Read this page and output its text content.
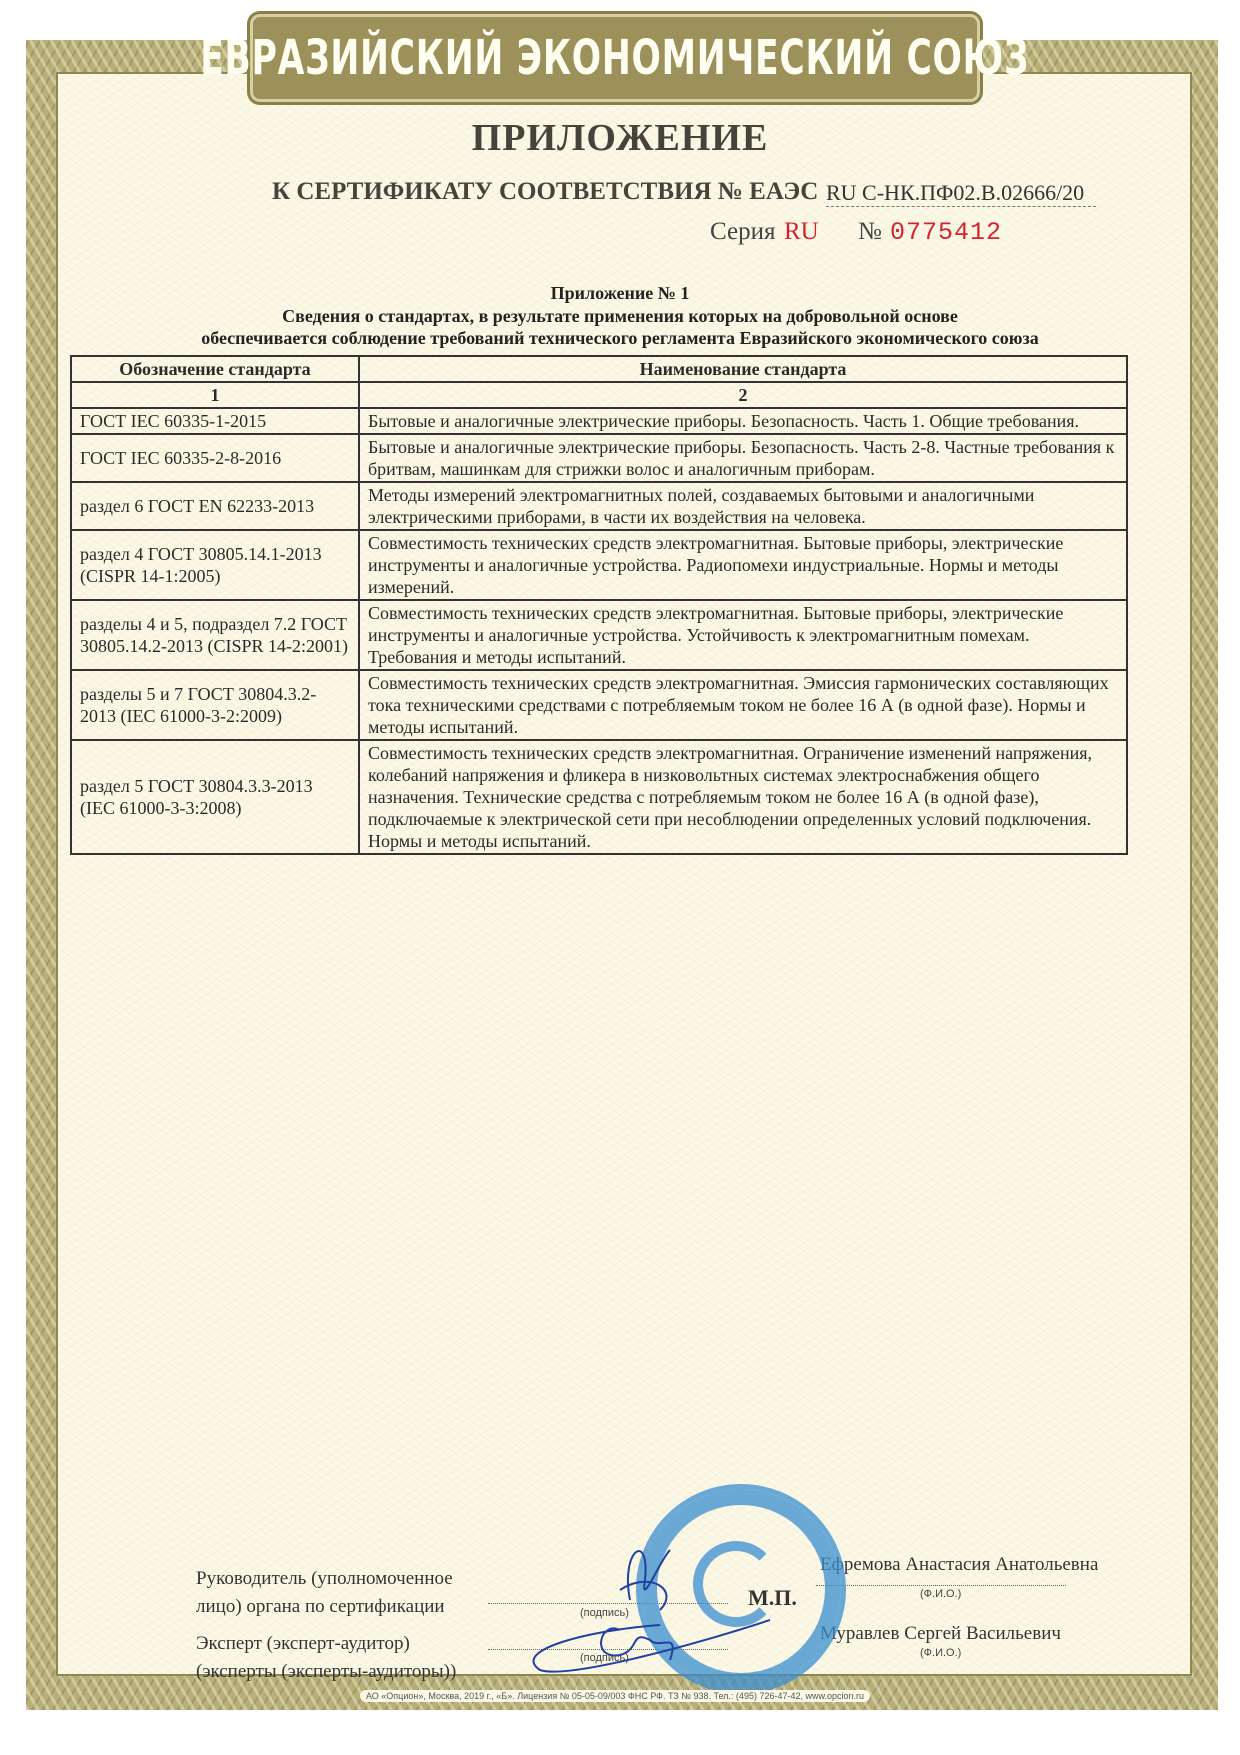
ЕВРАЗИЙСКИЙ ЭКОНОМИЧЕСКИЙ СОЮЗ
ПРИЛОЖЕНИЕ
К СЕРТИФИКАТУ СООТВЕТСТВИЯ № ЕАЭС RU С-НК.ПФ02.В.02666/20
Серия RU № 0775412
Приложение № 1
Сведения о стандартах, в результате применения которых на добровольной основе
обеспечивается соблюдение требований технического регламента Евразийского экономического союза
Обозначение стандарта	Наименование стандарта
1	2
ГОСТ IEC 60335-1-2015	Бытовые и аналогичные электрические приборы. Безопасность. Часть 1. Общие требования.
ГОСТ IEC 60335-2-8-2016	Бытовые и аналогичные электрические приборы. Безопасность. Часть 2-8. Частные требования к бритвам, машинкам для стрижки волос и аналогичным приборам.
раздел 6 ГОСТ EN 62233-2013	Методы измерений электромагнитных полей, создаваемых бытовыми и аналогичными электрическими приборами, в части их воздействия на человека.
раздел 4 ГОСТ 30805.14.1-2013 (CISPR 14-1:2005)	Совместимость технических средств электромагнитная. Бытовые приборы, электрические инструменты и аналогичные устройства. Радиопомехи индустриальные. Нормы и методы измерений.
разделы 4 и 5, подраздел 7.2 ГОСТ 30805.14.2-2013 (CISPR 14-2:2001)	Совместимость технических средств электромагнитная. Бытовые приборы, электрические инструменты и аналогичные устройства. Устойчивость к электромагнитным помехам. Требования и методы испытаний.
разделы 5 и 7 ГОСТ 30804.3.2-2013 (IEC 61000-3-2:2009)	Совместимость технических средств электромагнитная. Эмиссия гармонических составляющих тока техническими средствами с потребляемым током не более 16 А (в одной фазе). Нормы и методы испытаний.
раздел 5 ГОСТ 30804.3.3-2013 (IEC 61000-3-3:2008)	Совместимость технических средств электромагнитная. Ограничение изменений напряжения, колебаний напряжения и фликера в низковольтных системах электроснабжения общего назначения. Технические средства с потребляемым током не более 16 А (в одной фазе), подключаемые к электрической сети при несоблюдении определенных условий подключения. Нормы и методы испытаний.
Руководитель (уполномоченное
лицо) органа по сертификации
Эксперт (эксперт-аудитор)
(эксперты (эксперты-аудиторы))
(подпись)
(подпись)
(Ф.И.О.)
(Ф.И.О.)
Ефремова Анастасия Анатольевна
Муравлев Сергей Васильевич
М.П.
АО «Опцион», Москва, 2019 г., «Б». Лицензия № 05-05-09/003 ФНС РФ. ТЗ № 938. Тел.: (495) 726-47-42, www.opcion.ru
